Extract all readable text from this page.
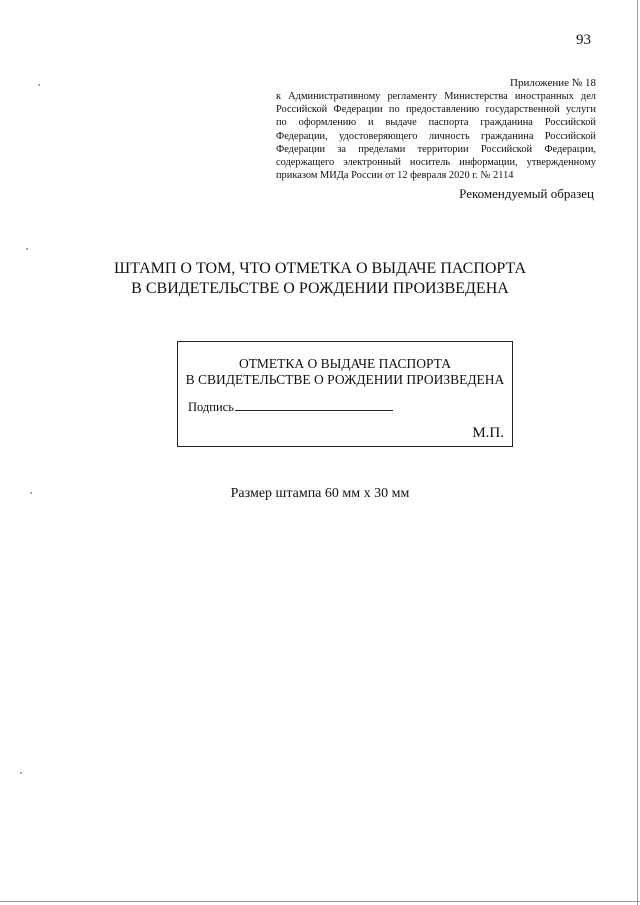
93
Приложение № 18
к Административному регламенту Министерства иностранных дел
Российской Федерации по предоставлению государственной услуги
по оформлению и выдаче паспорта гражданина Российской
Федерации, удостоверяющего личность гражданина Российской
Федерации за пределами территории Российской Федерации,
содержащего электронный носитель информации, утвержденному
приказом МИДа России от 12 февраля 2020 г. № 2114
Рекомендуемый образец
ШТАМП О ТОМ, ЧТО ОТМЕТКА О ВЫДАЧЕ ПАСПОРТА
В СВИДЕТЕЛЬСТВЕ О РОЖДЕНИИ ПРОИЗВЕДЕНА
ОТМЕТКА О ВЫДАЧЕ ПАСПОРТА
В СВИДЕТЕЛЬСТВЕ О РОЖДЕНИИ ПРОИЗВЕДЕНА
Подпись
М.П.
Размер штампа 60 мм х 30 мм
